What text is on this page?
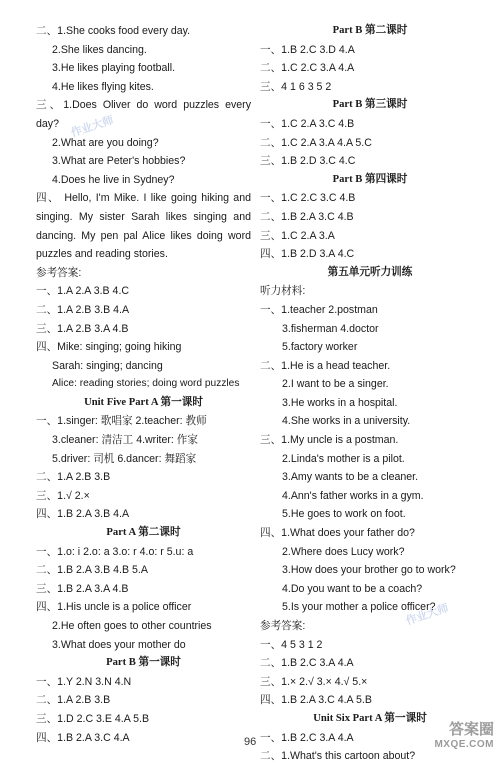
二、1.She cooks food every day.
2.She likes dancing.
3.He likes playing football.
4.He likes flying kites.
三、1.Does Oliver do word puzzles every day?
2.What are you doing?
3.What are Peter's hobbies?
4.Does he live in Sydney?
四、 Hello, I'm Mike. I like going hiking and singing. My sister Sarah likes singing and dancing. My pen pal Alice likes doing word puzzles and reading stories.
参考答案:
一、1.A 2.A 3.B 4.C
二、1.A 2.B 3.B 4.A
三、1.A 2.B 3.A 4.B
四、Mike: singing; going hiking
Sarah: singing; dancing
Alice: reading stories; doing word puzzles
Unit Five Part A 第一课时
一、1.singer: 歌唱家 2.teacher: 教师
3.cleaner: 清洁工 4.writer: 作家
5.driver: 司机 6.dancer: 舞蹈家
二、1.A 2.B 3.B
三、1.√ 2.×
四、1.B 2.A 3.B 4.A
Part A 第二课时
一、1.o: i 2.o: a 3.o: r 4.o: r 5.u: a
二、1.B 2.A 3.B 4.B 5.A
三、1.B 2.A 3.A 4.B
四、1.His uncle is a police officer
2.He often goes to other countries
3.What does your mother do
Part B 第一课时
一、1.Y 2.N 3.N 4.N
二、1.A 2.B 3.B
三、1.D 2.C 3.E 4.A 5.B
四、1.B 2.A 3.C 4.A
Part B 第二课时
一、1.B 2.C 3.D 4.A
二、1.C 2.C 3.A 4.A
三、4 1 6 3 5 2
Part B 第三课时
一、1.C 2.A 3.C 4.B
二、1.C 2.A 3.A 4.A 5.C
三、1.B 2.D 3.C 4.C
Part B 第四课时
一、1.C 2.C 3.C 4.B
二、1.B 2.A 3.C 4.B
三、1.C 2.A 3.A
四、1.B 2.D 3.A 4.C
第五单元听力训练
听力材料:
一、1.teacher 2.postman
3.fisherman 4.doctor
5.factory worker
二、1.He is a head teacher.
2.I want to be a singer.
3.He works in a hospital.
4.She works in a university.
三、1.My uncle is a postman.
2.Linda's mother is a pilot.
3.Amy wants to be a cleaner.
4.Ann's father works in a gym.
5.He goes to work on foot.
四、1.What does your father do?
2.Where does Lucy work?
3.How does your brother go to work?
4.Do you want to be a coach?
5.Is your mother a police officer?
参考答案:
一、4 5 3 1 2
二、1.B 2.C 3.A 4.A
三、1.× 2.√ 3.× 4.√ 5.×
四、1.B 2.A 3.C 4.A 5.B
Unit Six Part A 第一课时
一、1.B 2.C 3.A 4.A
二、1.What's this cartoon about?
作业大师
作业大师
96
答案圈
MXQE.COM
